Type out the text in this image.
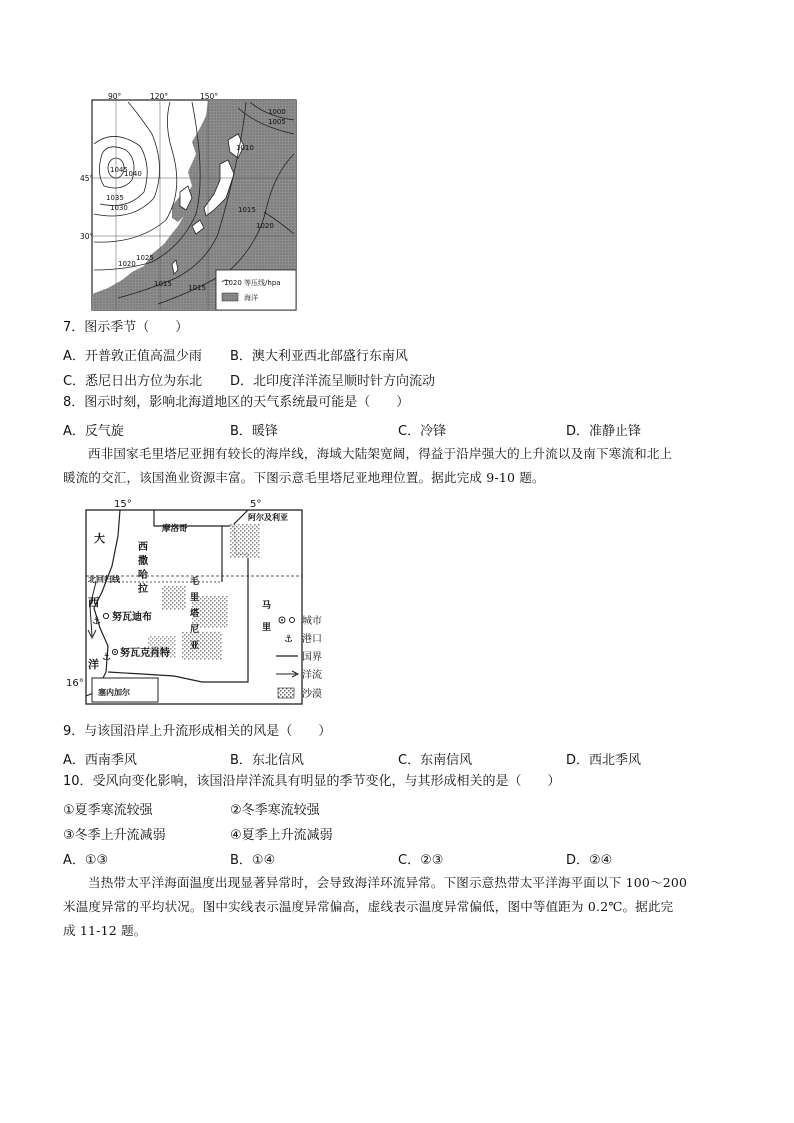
1045
1040
1035
1030
1025
1020
1015
1010
1005
1000
1015
1020
1015
90°	120°	150°
45°
30°
1020 等压线/hpa
海洋
7．图示季节（　　）
A．开普敦正值高温少雨 B．澳大利亚西北部盛行东南风
C．悉尼日出方位为东北 D．北印度洋洋流呈顺时针方向流动
8．图示时刻，影响北海道地区的天气系统最可能是（　　）
A．反气旋	B．暖锋	C．冷锋	D．准静止锋
西非国家毛里塔尼亚拥有较长的海岸线，海域大陆架宽阔，得益于沿岸强大的上升流以及南下寒流和北上
暖流的交汇，该国渔业资源丰富。下图示意毛里塔尼亚地理位置。据此完成 9-10 题。
⚓
⚓
15°	5°
16°
摩洛哥
阿尔及利亚
西
撒
哈
拉
毛
里
塔
尼
亚
马
里
大
西
洋
北回归线
努瓦迪布
努瓦克肖特
塞内加尔
城市
⚓ 港口
国界
洋流
沙漠
9．与该国沿岸上升流形成相关的风是（　　）
A．西南季风	B．东北信风	C．东南信风	D．西北季风
10．受风向变化影响，该国沿岸洋流具有明显的季节变化，与其形成相关的是（　　）
①夏季寒流较强	②冬季寒流较强
③冬季上升流减弱	④夏季上升流减弱
A．①③	B．①④	C．②③	D．②④
当热带太平洋海面温度出现显著异常时，会导致海洋环流异常。下图示意热带太平洋海平面以下 100～200
米温度异常的平均状况。图中实线表示温度异常偏高，虚线表示温度异常偏低，图中等值距为 0.2℃。据此完
成 11-12 题。
